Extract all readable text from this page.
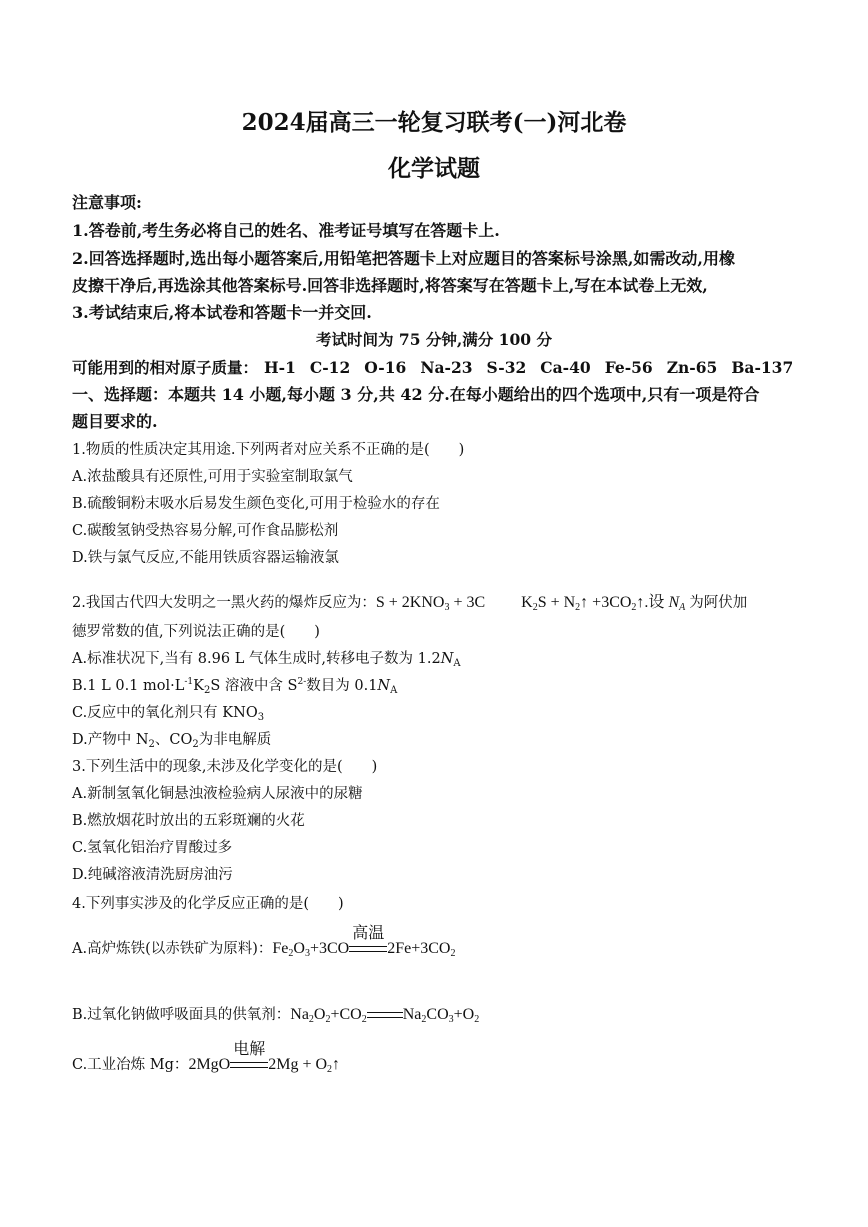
2024届高三一轮复习联考(一)河北卷
化学试题
注意事项:
1.答卷前,考生务必将自己的姓名、准考证号填写在答题卡上.
2.回答选择题时,选出每小题答案后,用铅笔把答题卡上对应题目的答案标号涂黑,如需改动,用橡
皮擦干净后,再选涂其他答案标号.回答非选择题时,将答案写在答题卡上,写在本试卷上无效,
3.考试结束后,将本试卷和答题卡一并交回.
考试时间为 75 分钟,满分 100 分
可能用到的相对原子质量： H-1 C-12 O-16 Na-23 S-32 Ca-40 Fe-56 Zn-65 Ba-137
一、选择题：本题共 14 小题,每小题 3 分,共 42 分.在每小题给出的四个选项中,只有一项是符合
题目要求的.
1.物质的性质决定其用途.下列两者对应关系不正确的是(　　)
A.浓盐酸具有还原性,可用于实验室制取氯气
B.硫酸铜粉末吸水后易发生颜色变化,可用于检验水的存在
C.碳酸氢钠受热容易分解,可作食品膨松剂
D.铁与氯气反应,不能用铁质容器运输液氯
2.我国古代四大发明之一黑火药的爆炸反应为：$S + 2KNO_3 + 3C$         $K_2S$ + $N_2↑$ $+3CO_2↑$.设 $N_A$ 为阿伏加
德罗常数的值,下列说法正确的是(　　)
A.标准状况下,当有 8.96 L 气体生成时,转移电子数为 $1.2N_A$
B.1 L 0.1 $mol\cdot L^{-1}K_2S$ 溶液中含 $S^{2-}$数目为 $0.1N_A$
C.反应中的氧化剂只有 $KNO_3$
D.产物中 $N_2$、$CO_2$为非电解质
3.下列生活中的现象,未涉及化学变化的是(　　)
A.新制氢氧化铜悬浊液检验病人尿液中的尿糖
B.燃放烟花时放出的五彩斑斓的火花
C.氢氧化铝治疗胃酸过多
D.纯碱溶液清洗厨房油污
4.下列事实涉及的化学反应正确的是(　　)
A.高炉炼铁(以赤铁矿为原料)：$Fe_2O_3+3CO$
高温
$2Fe+3CO_2$
B.过氧化钠做呼吸面具的供氧剂：$Na_2O_2+CO_2$ $Na_2CO_3+O_2$
C.工业冶炼 Mg：2MgO
电解
$2Mg + O_2↑$
